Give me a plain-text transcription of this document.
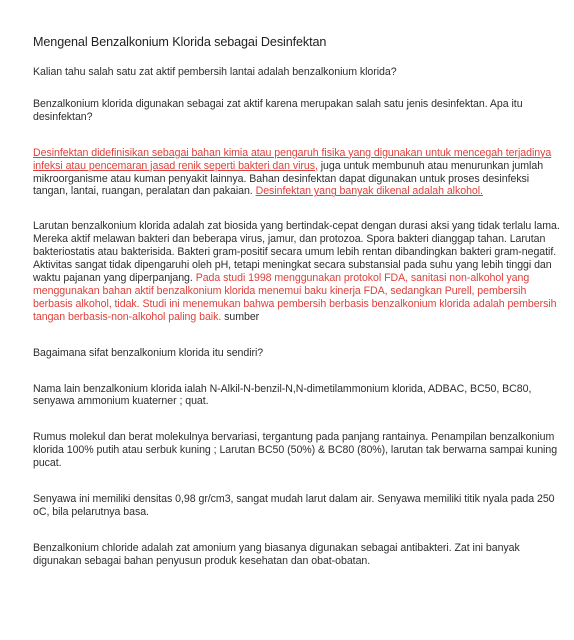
Mengenal Benzalkonium Klorida sebagai Desinfektan

Kalian tahu salah satu zat aktif pembersih lantai adalah benzalkonium klorida?

Benzalkonium klorida digunakan sebagai zat aktif karena merupakan salah satu jenis desinfektan. Apa itu desinfektan?

Desinfektan didefinisikan sebagai bahan kimia atau pengaruh fisika yang digunakan untuk mencegah terjadinya infeksi atau pencemaran jasad renik seperti bakteri dan virus, juga untuk membunuh atau menurunkan jumlah mikroorganisme atau kuman penyakit lainnya. Bahan desinfektan dapat digunakan untuk proses desinfeksi tangan, lantai, ruangan, peralatan dan pakaian. Desinfektan yang banyak dikenal adalah alkohol.

Larutan benzalkonium klorida adalah zat biosida yang bertindak-cepat dengan durasi aksi yang tidak terlalu lama. Mereka aktif melawan bakteri dan beberapa virus, jamur, dan protozoa. Spora bakteri dianggap tahan. Larutan bakteriostatis atau bakterisida. Bakteri gram-positif secara umum lebih rentan dibandingkan bakteri gram-negatif. Aktivitas sangat tidak dipengaruhi oleh pH, tetapi meningkat secara substansial pada suhu yang lebih tinggi dan waktu pajanan yang diperpanjang. Pada studi 1998 menggunakan protokol FDA, sanitasi non-alkohol yang menggunakan bahan aktif benzalkonium klorida menemui baku kinerja FDA, sedangkan Purell, pembersih berbasis alkohol, tidak. Studi ini menemukan bahwa pembersih berbasis benzalkonium klorida adalah pembersih tangan berbasis-non-alkohol paling baik. sumber

Bagaimana sifat benzalkonium klorida itu sendiri?

Nama lain benzalkonium klorida ialah N-Alkil-N-benzil-N,N-dimetilammonium klorida, ADBAC, BC50, BC80, senyawa ammonium kuaterner ; quat.

Rumus molekul dan berat molekulnya bervariasi, tergantung pada panjang rantainya. Penampilan benzalkonium klorida 100% putih atau serbuk kuning ; Larutan BC50 (50%) & BC80 (80%), larutan tak berwarna sampai kuning pucat.

Senyawa ini memiliki densitas 0,98 gr/cm3, sangat mudah larut dalam air. Senyawa memiliki titik nyala pada 250 oC, bila pelarutnya basa.

Benzalkonium chloride adalah zat amonium yang biasanya digunakan sebagai antibakteri. Zat ini banyak digunakan sebagai bahan penyusun produk kesehatan dan obat-obatan.
